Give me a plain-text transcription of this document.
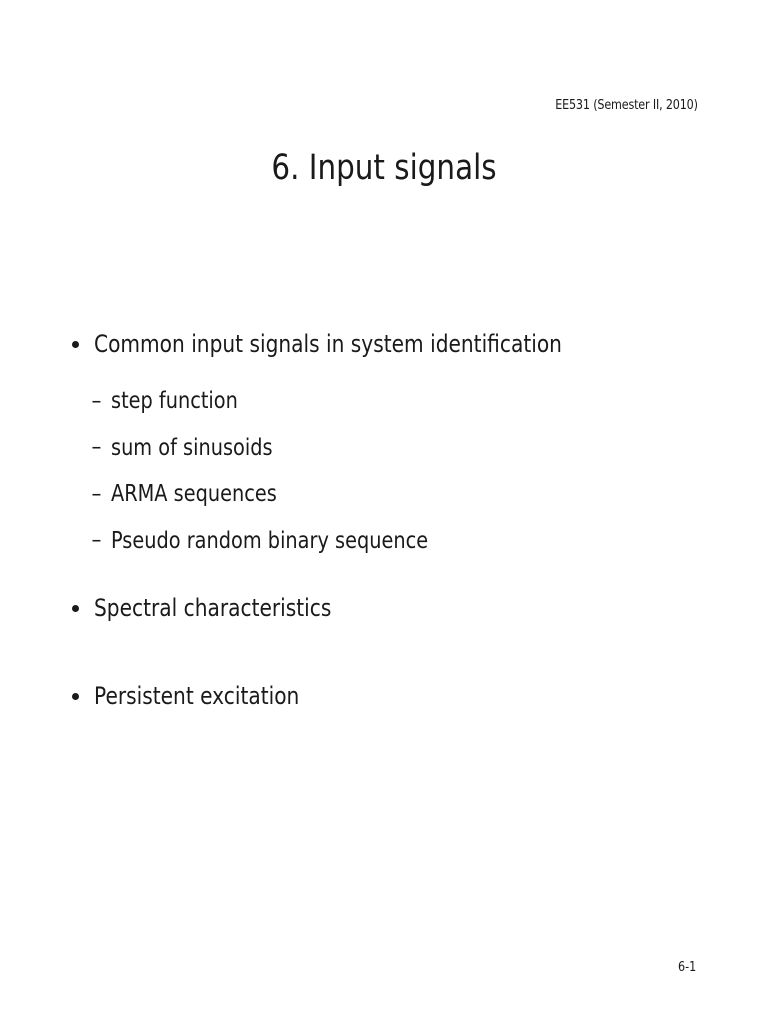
EE531 (Semester II, 2010)
6. Input signals
Common input signals in system identification
– step function
– sum of sinusoids
– ARMA sequences
– Pseudo random binary sequence
Spectral characteristics
Persistent excitation
6-1
